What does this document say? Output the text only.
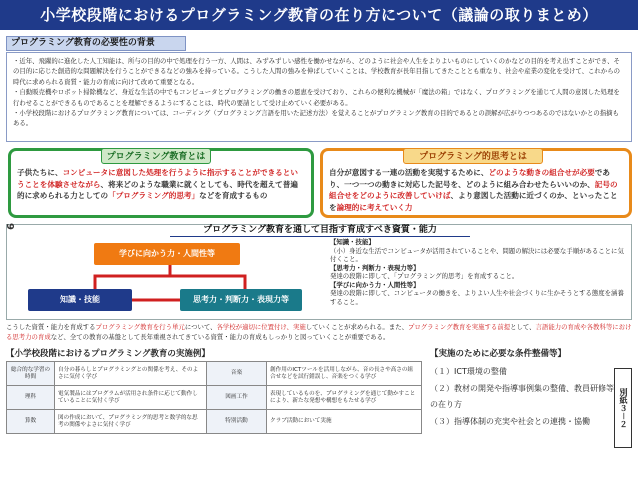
小学校段階におけるプログラミング教育の在り方について（議論の取りまとめ）
プログラミング教育の必要性の背景

・近年、飛躍的に進化した人工知能は、所与の目的の中で処理を行う一方、人間は、みずみずしい感性を働かせながら、どのように社会や人生をよりよいものにしていくのかなどの目的を考え出すことができ、その目的に応じた創造的な問題解決を行うことができるなどの強みを持っている。こうした人間の強みを伸ばしていくことは、学校教育が長年目指してきたこととも重なり、社会や産業の変化を受けて、これからの時代に求められる資質・能力の育成に向けて改めて重要となる。

・自動販売機やロボット掃除機など、身近な生活の中でもコンピュータとプログラミングの働きの恩恵を受けており、これらの便利な機械が「魔法の箱」ではなく、プログラミングを通じて人間の意図した処理を行わせることができるものであることを理解できるようにすることは、時代の要請として受け止めていく必要がある。

・小学校段階におけるプログラミング教育については、コーディング（プログラミング言語を用いた記述方法）を覚えることがプログラミング教育の目的であるとの誤解が広がりつつあるのではないかとの指摘もある。

プログラミング教育とは
子供たちに、コンピュータに意図した処理を行うように指示することができるということを体験させながら、将来どのような職業に就くとしても、時代を超えて普遍的に求められる力としての「プログラミング的思考」などを育成するもの
プログラミング的思考とは
自分が意図する一連の活動を実現するために、どのような動きの組合せが必要であり、一つ一つの動きに対応した記号を、どのように組み合わせたらいいのか、記号の組合せをどのように改善していけば、より意図した活動に近づくのか、といったことを論理的に考えていく力
9	プログラミング教育を通して目指す育成すべき資質・能力
学びに向かう力・人間性等
知識・技能	思考力・判断力・表現力等
【知識・技能】
（小）身近な生活でコンピュータが活用されていることや、問題の解決には必要な手順があることに気付くこと。
【思考力・判断力・表現力等】
発達の段階に即して、「プログラミング的思考」を育成すること。
【学びに向かう力・人間性等】
発達の段階に即して、コンピュータの働きを、よりよい人生や社会づくりに生かそうとする態度を涵養すること。
こうした資質・能力を育成するプログラミング教育を行う単元について、各学校が適切に位置付け、実施していくことが求められる。また、プログラミング教育を実施する前提として、言語能力の育成や各教科等における思考力の育成など、全ての教育の基盤として長年重視されてきている資質・能力の育成もしっかりと図っていくことが重要である。
【小学校段階におけるプログラミング教育の実施例】
総合的な学習の時間	自分の暮らしとプログラミングとの関係を考え、そのよさに気付く学び	音楽	創作用のICTツールを活用しながら、音の長さや高さの組合せなどを試行錯誤し、音楽をつくる学び
理科	電気製品にはプログラムが活用され条件に応じて動作していることに気付く学び	図画工作	表現しているものを、プログラミングを通じて動かすことにより、新たな発想や構想をもたせる学び
算数	図の作成において、プログラミング的思考と数学的な思考の関係やよさに気付く学び	特別活動	クラブ活動において実施
【実施のために必要な条件整備等】
（１）ICT環境の整備
（２）教材の開発や指導事例集の整備、教員研修等の在り方
（３）指導体制の充実や社会との連携・協働	別紙３－２
